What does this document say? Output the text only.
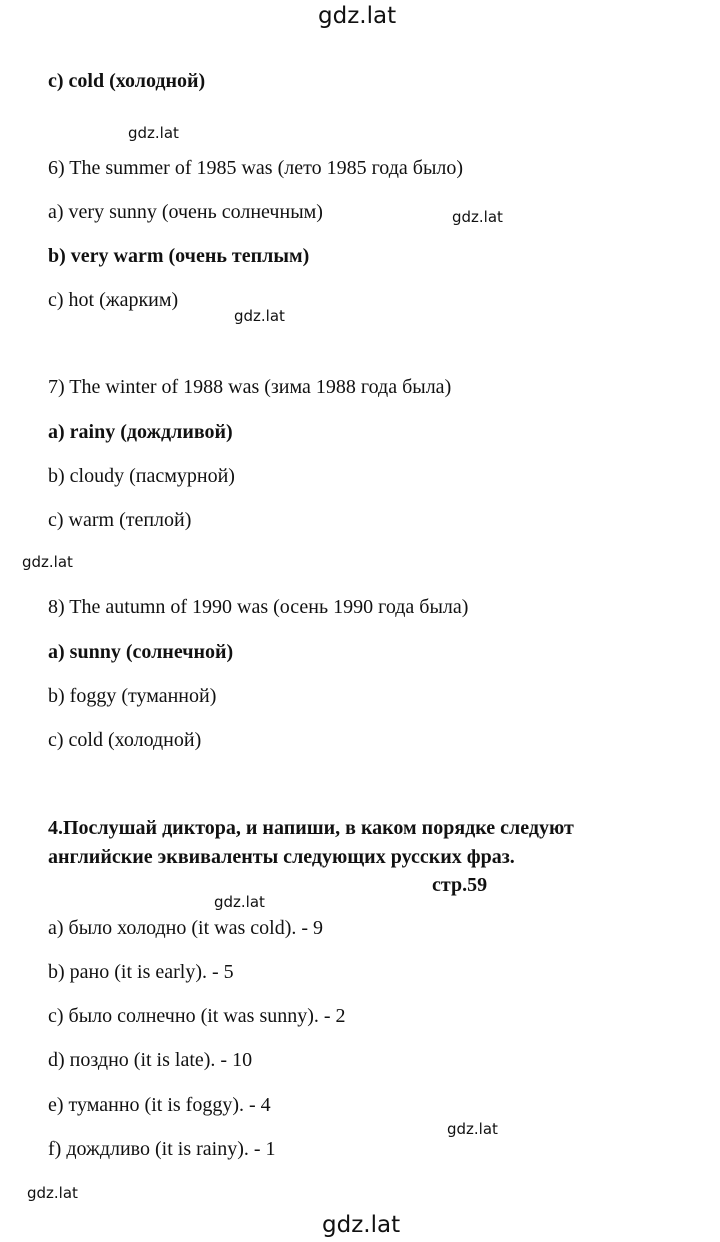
gdz.lat
gdz.lat
gdz.lat
gdz.lat
gdz.lat
gdz.lat
gdz.lat
gdz.lat
gdz.lat
c) cold (холодной)
6) The summer of 1985 was (лето 1985 года было)
a) very sunny (очень солнечным)
b) very warm (очень теплым)
c) hot (жарким)
7) The winter of 1988 was (зима 1988 года была)
a) rainy (дождливой)
b) cloudy (пасмурной)
c) warm (теплой)
8) The autumn of 1990 was (осень 1990 года была)
a) sunny (солнечной)
b) foggy (туманной)
c) cold (холодной)
4.Послушай диктора, и напиши, в каком порядке следуют
английские эквиваленты следующих русских фраз.
стр.59
a) было холодно (it was cold). - 9
b) рано (it is early). - 5
c) было солнечно (it was sunny). - 2
d) поздно (it is late). - 10
e) туманно (it is foggy). - 4
f) дождливо (it is rainy). - 1
